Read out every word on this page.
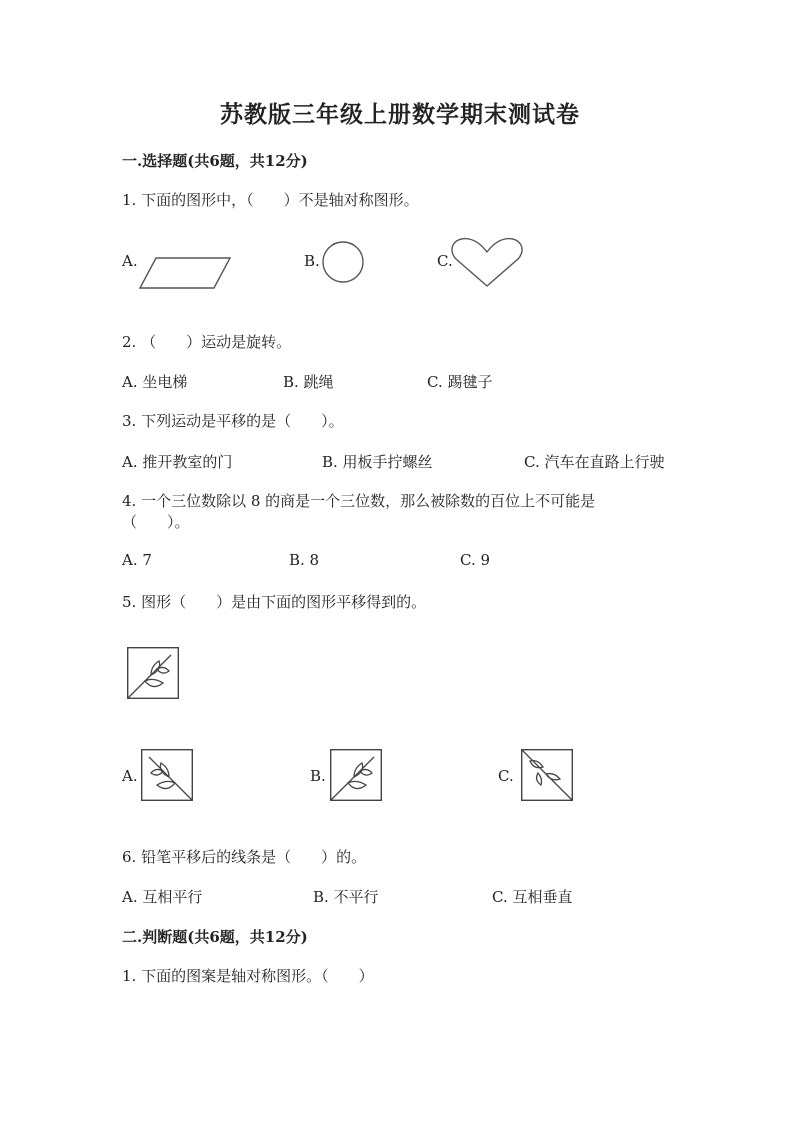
苏教版三年级上册数学期末测试卷
一.选择题(共6题，共12分)
1. 下面的图形中，（　　）不是轴对称图形。
A.	B.	C.
2. （　　）运动是旋转。
A. 坐电梯	B. 跳绳	C. 踢毽子
3. 下列运动是平移的是（　　）。
A. 推开教室的门	B. 用板手拧螺丝	C. 汽车在直路上行驶
4. 一个三位数除以 8 的商是一个三位数，那么被除数的百位上不可能是
（　　）。
A. 7	B. 8	C. 9
5. 图形（　　）是由下面的图形平移得到的。
A.	B.	C.
6. 铅笔平移后的线条是（　　）的。
A. 互相平行	B. 不平行	C. 互相垂直
二.判断题(共6题，共12分)
1. 下面的图案是轴对称图形。（　　）
